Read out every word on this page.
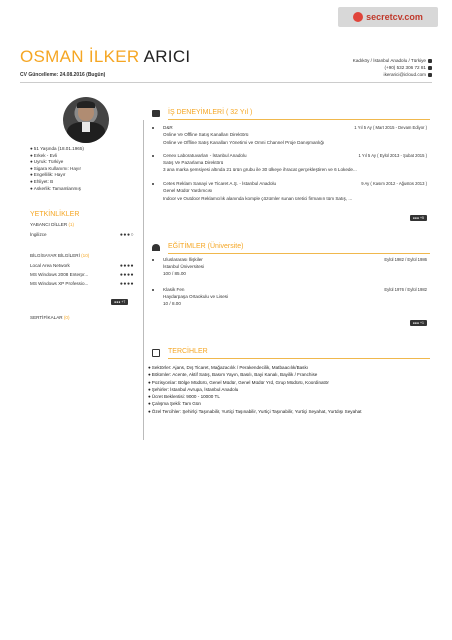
secretcv.com
OSMAN İLKER ARICI
CV Güncelleme: 24.08.2016 (Bugün)
Kadıköy / İstanbul Anadolu / Türkiye
(+90) 532 306 72 81
ikerarici@icloud.com
●51 Yaşında (18.01.1965)
●Erkek - Evli
●Uyruk: Türkiye
●Sigara Kullanımı: Hayır
●Engellilik: Hayır
●Ehliyet: B
●Askerlik: Tamamlanmış
YETKİNLİKLER
YABANCI DİLLER (1)
İngilizce	●●●○
BİLGİSAYAR BİLGİLERİ (10)
Local Area Network	●●●●
MS Windows 2008 Enterpr...	●●●●
MS Windows XP Professio...	●●●●
●●● +7
SERTİFİKALAR (0)
İŞ DENEYİMLERİ ( 32 Yıl )
D&R	1 Yıl 5 Ay ( Mart 2015 - Devam Ediyor )
Online Ve Offline Satış Kanalları Direktörü
Online ve Offline Satış Kanalları Yönetimi ve Omni Channel Proje Danışmanlığı
Cenex Laboratuvarları - İstanbul Anadolu	1 Yıl 5 Ay ( Eylül 2013 - Şubat 2015 )
Satış Ve Pazarlama Direktörü
3 ana marka şemsiyesi altında 21 ürün grubu ile 30 ülkeye ihracat gerçekleştiren ve 6 Lokede...
Cetes Reklam Sanayi ve Ticaret A.Ş. - İstanbul Anadolu	9 Ay ( Kasım 2012 - Ağustos 2013 )
Genel Müdür Yardımcısı
Indoor ve Outdoor Reklamcılık alanında komple çözümler sunan üretici firmanın tüm Satış, ...
●●● +5
EĞİTİMLER (Üniversite)
Uluslararası İlişkiler	Eylül 1982 / Eylül 1986
İstanbul Üniversitesi
100 / 85.00
Klasik Fen	Eylül 1976 / Eylül 1982
Haydarpaşa Ortaokulu ve Lisesi
10 / 8.00
●●● +1
TERCİHLER
●Sektörler: Ajans, Dış Ticaret, Mağazacılık / Perakendecilik, Matbaacılık/Baskı
●Bölümler: Acente, Aktif Satış, Basım Yayın, Basılı, Bayi Kanalı, Bayilik / Franchise
●Pozisyonlar: Bölge Müdürü, Genel Müdür, Genel Müdür Yrd, Grup Müdürü, Koordinatör
●Şehirler: İstanbul Avrupa, İstanbul Anadolu
●Ücret Beklentisi: 9000 - 10000 TL
●Çalışma Şekli: Tam Gün
●Özel Tercihler: Şehirlçi Taşınabilir, Yurtiçi Taşınabilir, Yurtiçi Taşınabilir, Yurtiçi Seyahat, Yurtdışı Seyahat
